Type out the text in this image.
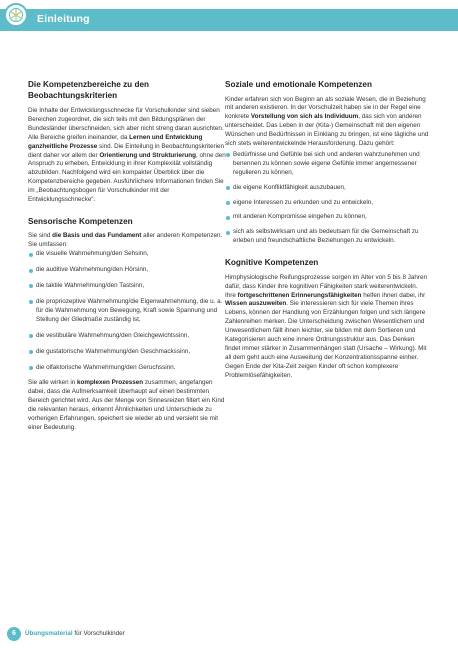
Einleitung
Die Kompetenzbereiche zu den Beobachtungskriterien

Die Inhalte der Entwicklungsschnecke für Vorschulkinder sind sieben Bereichen zugeordnet, die sich teils mit den Bildungsplänen der Bundesländer überschneiden, sich aber nicht streng daran ausrichten. Alle Bereiche greifen ineinander, da Lernen und Entwicklung ganzheitliche Prozesse sind. Die Einteilung in Beobachtungskriterien dient daher vor allem der Orientierung und Strukturierung, ohne den Anspruch zu erheben, Entwicklung in ihrer Komplexität vollständig abzubilden. Nachfolgend wird ein kompakter Überblick über die Kompetenzbereiche gegeben. Ausführlichere Informationen finden Sie im „Beobachtungsbogen für Vorschulkinder mit der Entwicklungsschnecke“.

Sensorische Kompetenzen

Sie sind die Basis und das Fundament aller anderen Kompetenzen. Sie umfassen:

die visuelle Wahrnehmung/den Sehsinn,
die auditive Wahrnehmung/den Hörsinn,
die taktile Wahrnehmung/den Tastsinn,
die propriozeptive Wahrnehmung/die Eigenwahrnehmung, die u. a. für die Wahrnehmung von Bewegung, Kraft sowie Spannung und Stellung der Gliedmaße zuständig ist,
die vestibuläre Wahrnehmung/den Gleichgewichtssinn,
die gustatorische Wahrnehmung/den Geschmackssinn,
die olfaktorische Wahrnehmung/den Geruchssinn.

Sie alle wirken in komplexen Prozessen zusammen, angefangen dabei, dass die Aufmerksamkeit überhaupt auf einen bestimmten Bereich gerichtet wird. Aus der Menge von Sinnesreizen filtert ein Kind die relevanten heraus, erkennt Ähnlichkeiten und Unterschiede zu vorherigen Erfahrungen, speichert sie wieder ab und versieht sie mit einer Bedeutung.

Soziale und emotionale Kompetenzen

Kinder erfahren sich von Beginn an als soziale Wesen, die in Beziehung mit anderen existieren. In der Vorschulzeit haben sie in der Regel eine konkrete Vorstellung von sich als Individuum, das sich von anderen unterscheidet. Das Leben in der (Kita-) Gemeinschaft mit den eigenen Wünschen und Bedürfnissen in Einklang zu bringen, ist eine tägliche und sich stets weiterentwickelnde Herausforderung. Dazu gehört:

Bedürfnisse und Gefühle bei sich und anderen wahrzunehmen und benennen zu können sowie eigene Gefühle immer angemessener regulieren zu können,
die eigene Konfliktfähigkeit auszubauen,
eigene Interessen zu erkunden und zu entwickeln,
mit anderen Kompromisse eingehen zu können,
sich als selbstwirksam und als bedeutsam für die Gemeinschaft zu erleben und freundschaftliche Beziehungen zu entwickeln.
Kognitive Kompetenzen

Hirnphysiologische Reifungsprozesse sorgen im Alter von 5 bis 8 Jahren dafür, dass Kinder ihre kognitiven Fähigkeiten stark weiterentwickeln. Ihre fortgeschrittenen Erinnerungsfähigkeiten helfen ihnen dabei, ihr Wissen auszuweiten. Sie interessieren sich für viele Themen ihres Lebens, können der Handlung von Erzählungen folgen und sich längere Zahlenreihen merken. Die Unterscheidung zwischen Wesentlichem und Unwesentlichem fällt ihnen leichter, sie bilden mit dem Sortieren und Kategorisieren auch eine innere Ordnungsstruktur aus. Das Denken findet immer stärker in Zusammenhängen statt (Ursache – Wirkung). Mit all dem geht auch eine Ausweitung der Konzentrationsspanne einher. Gegen Ende der Kita-Zeit zeigen Kinder oft schon komplexere Problemlösefähigkeiten.

6	Übungsmaterial für Vorschulkinder
